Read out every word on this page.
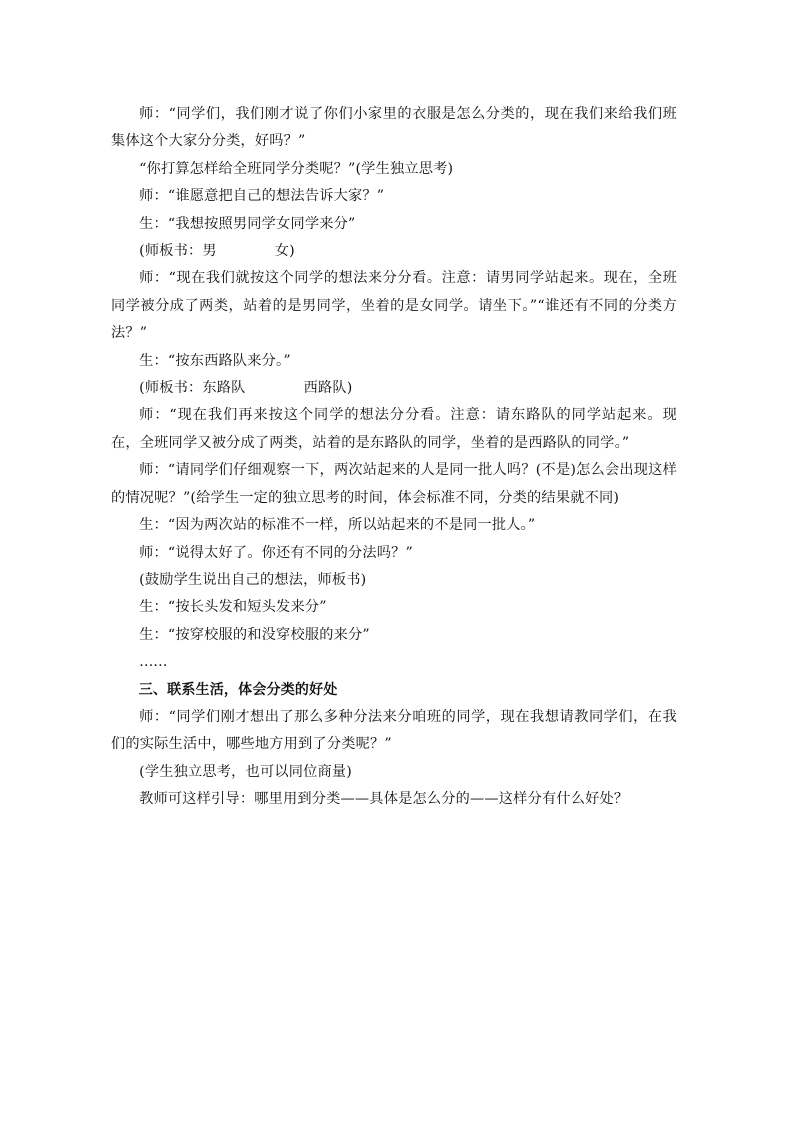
师：“同学们，我们刚才说了你们小家里的衣服是怎么分类的，现在我们来给我们班集体这个大家分分类，好吗？”

“你打算怎样给全班同学分类呢？”(学生独立思考)

师：“谁愿意把自己的想法告诉大家？”

生：“我想按照男同学女同学来分”

(师板书：男	女)

师：“现在我们就按这个同学的想法来分分看。注意：请男同学站起来。现在，全班同学被分成了两类，站着的是男同学，坐着的是女同学。请坐下。”“谁还有不同的分类方法？”

生：“按东西路队来分。”

(师板书：东路队	西路队)

师：“现在我们再来按这个同学的想法分分看。注意：请东路队的同学站起来。现在，全班同学又被分成了两类，站着的是东路队的同学，坐着的是西路队的同学。”

师：“请同学们仔细观察一下，两次站起来的人是同一批人吗？(不是)怎么会出现这样的情况呢？”(给学生一定的独立思考的时间，体会标准不同，分类的结果就不同)

生：“因为两次站的标准不一样，所以站起来的不是同一批人。”

师：“说得太好了。你还有不同的分法吗？”

(鼓励学生说出自己的想法，师板书)

生：“按长头发和短头发来分”

生：“按穿校服的和没穿校服的来分”

……

三、联系生活，体会分类的好处

师：“同学们刚才想出了那么多种分法来分咱班的同学，现在我想请教同学们，在我们的实际生活中，哪些地方用到了分类呢？”

(学生独立思考，也可以同位商量)

教师可这样引导：哪里用到分类——具体是怎么分的——这样分有什么好处？
